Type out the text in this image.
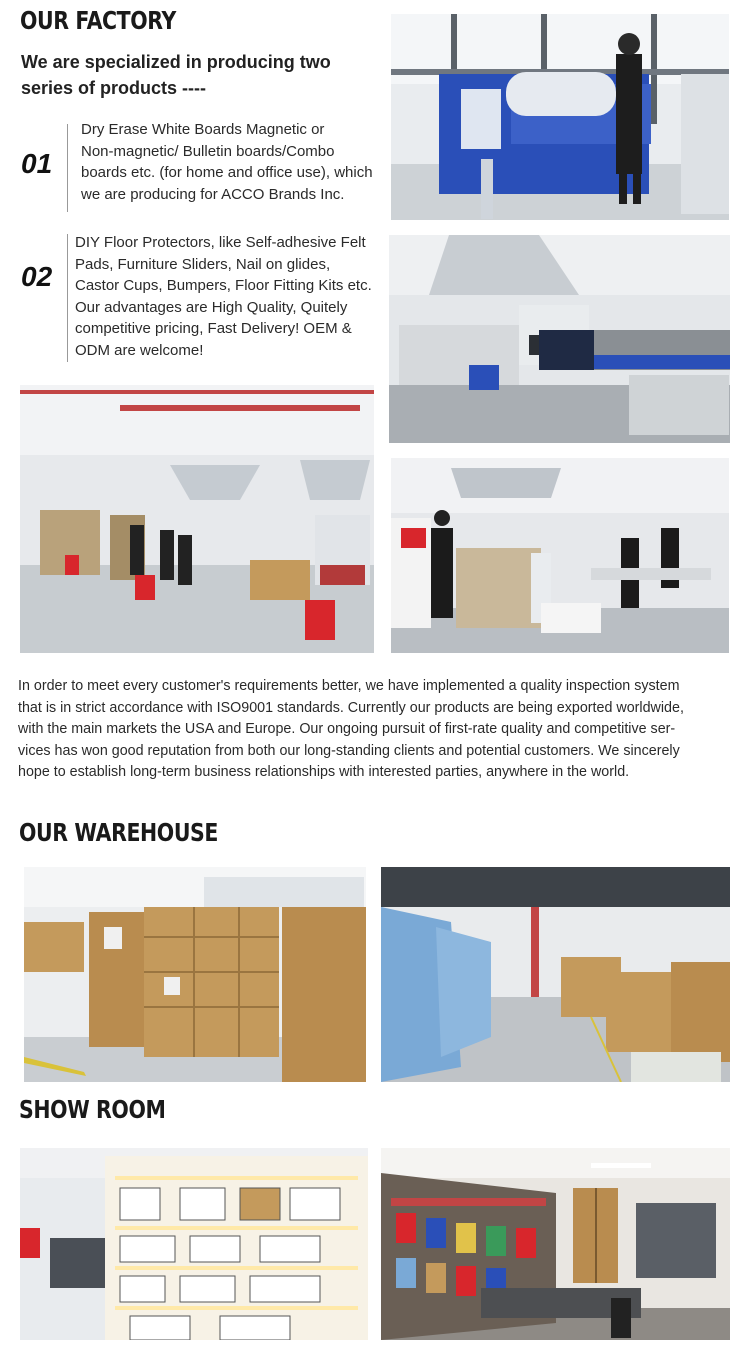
OUR FACTORY
We are specialized in producing two
series of products ----
01
Dry Erase White Boards Magnetic or
Non-magnetic/ Bulletin boards/Combo
boards etc. (for home and office use), which
we are producing for ACCO Brands Inc.
02
DIY Floor Protectors, like Self-adhesive Felt
Pads, Furniture Sliders, Nail on glides,
Castor Cups, Bumpers, Floor Fitting Kits etc.
Our advantages are High Quality, Quitely
competitive pricing, Fast Delivery! OEM &
ODM are welcome!
In order to meet every customer's requirements better, we have implemented a quality inspection system
that is in strict accordance with ISO9001 standards. Currently our products are being exported worldwide,
with the main markets the USA and Europe. Our ongoing pursuit of first-rate quality and competitive ser-
vices has won good reputation from both our long-standing clients and potential customers. We sincerely
hope to establish long-term business relationships with interested parties, anywhere in the world.
OUR WAREHOUSE
SHOW ROOM
